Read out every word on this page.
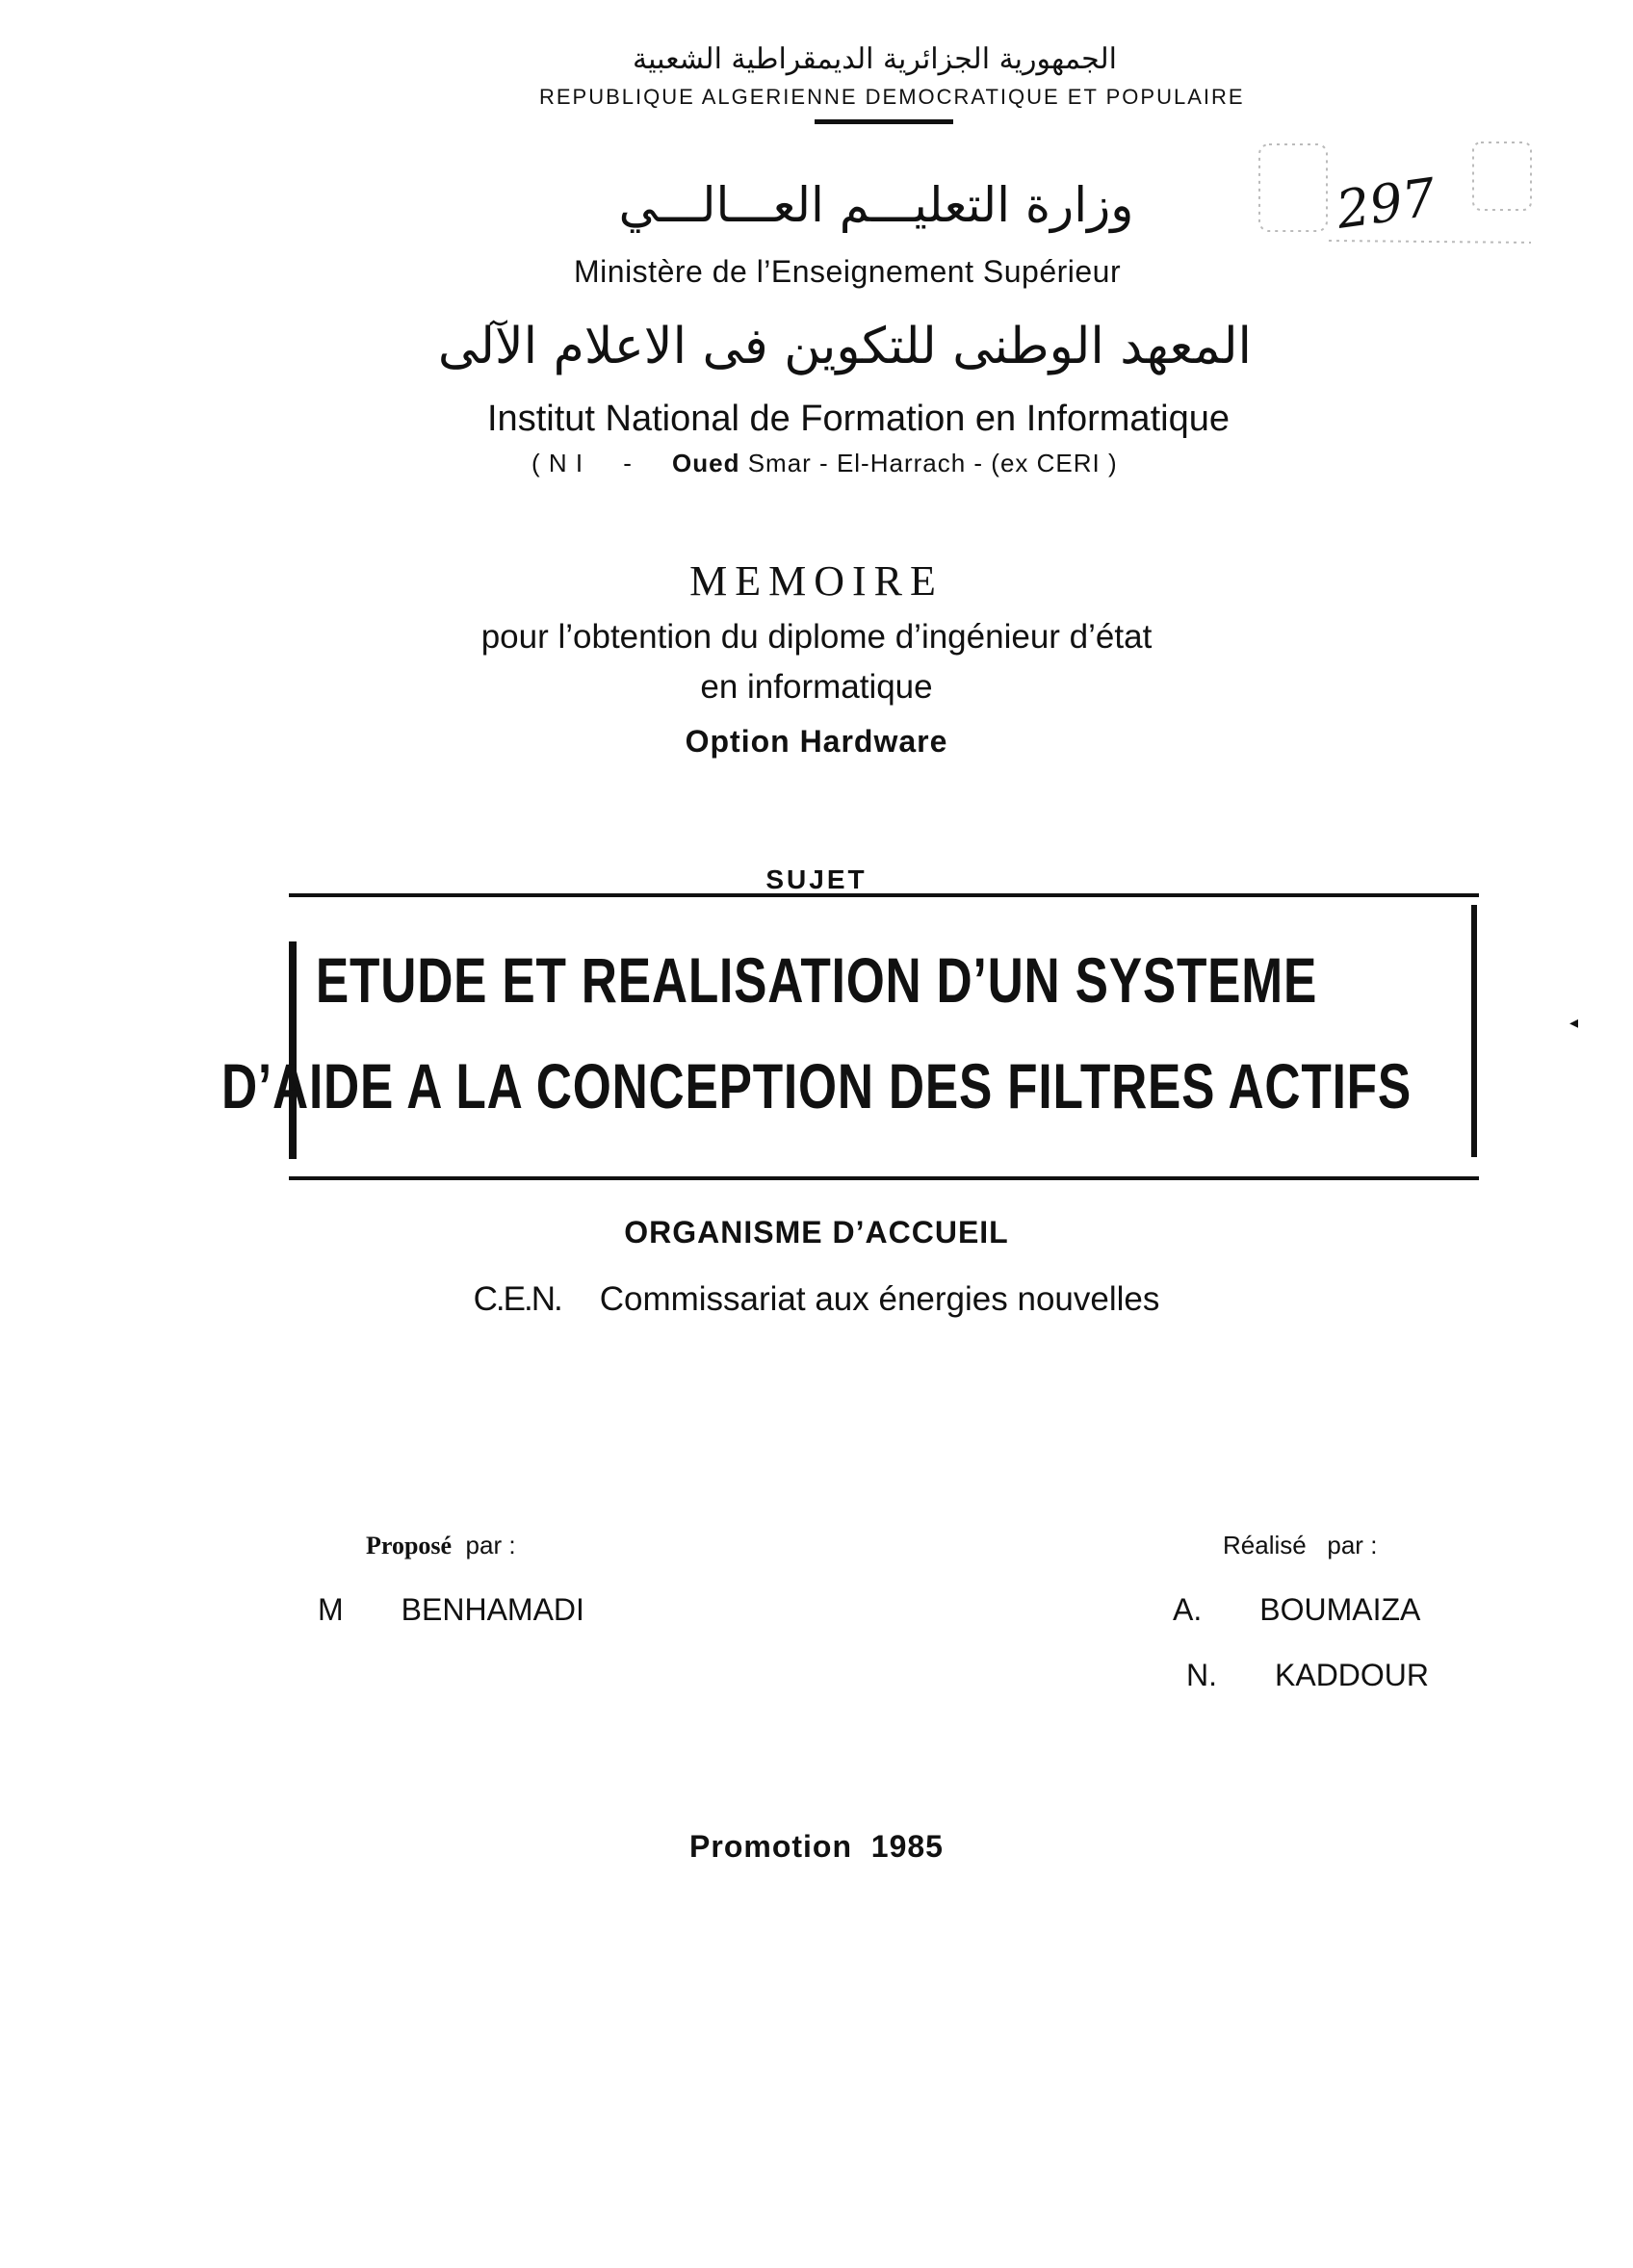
الجمهورية الجزائرية الديمقراطية الشعبية
REPUBLIQUE ALGERIENNE DEMOCRATIQUE ET POPULAIRE
وزارة التعليـــم العـــالـــي
Ministère de l’Enseignement Supérieur
المعهد الوطنى للتكوين فى الاعلام الآلى
Institut National de Formation en Informatique
( N I - Oued Smar - El-Harrach - (ex CERI )
297
MEMOIRE
pour l’obtention du diplome d’ingénieur d’état
en informatique
Option Hardware
SUJET
ETUDE ET REALISATION D’UN SYSTEME
D’AIDE A LA CONCEPTION DES FILTRES ACTIFS
◂
ORGANISME D’ACCUEIL
C.E.N. Commissariat aux énergies nouvelles
Proposé par :	Réalisé par :
M BENHAMADI	A. BOUMAIZA
N. KADDOUR
Promotion 1985
